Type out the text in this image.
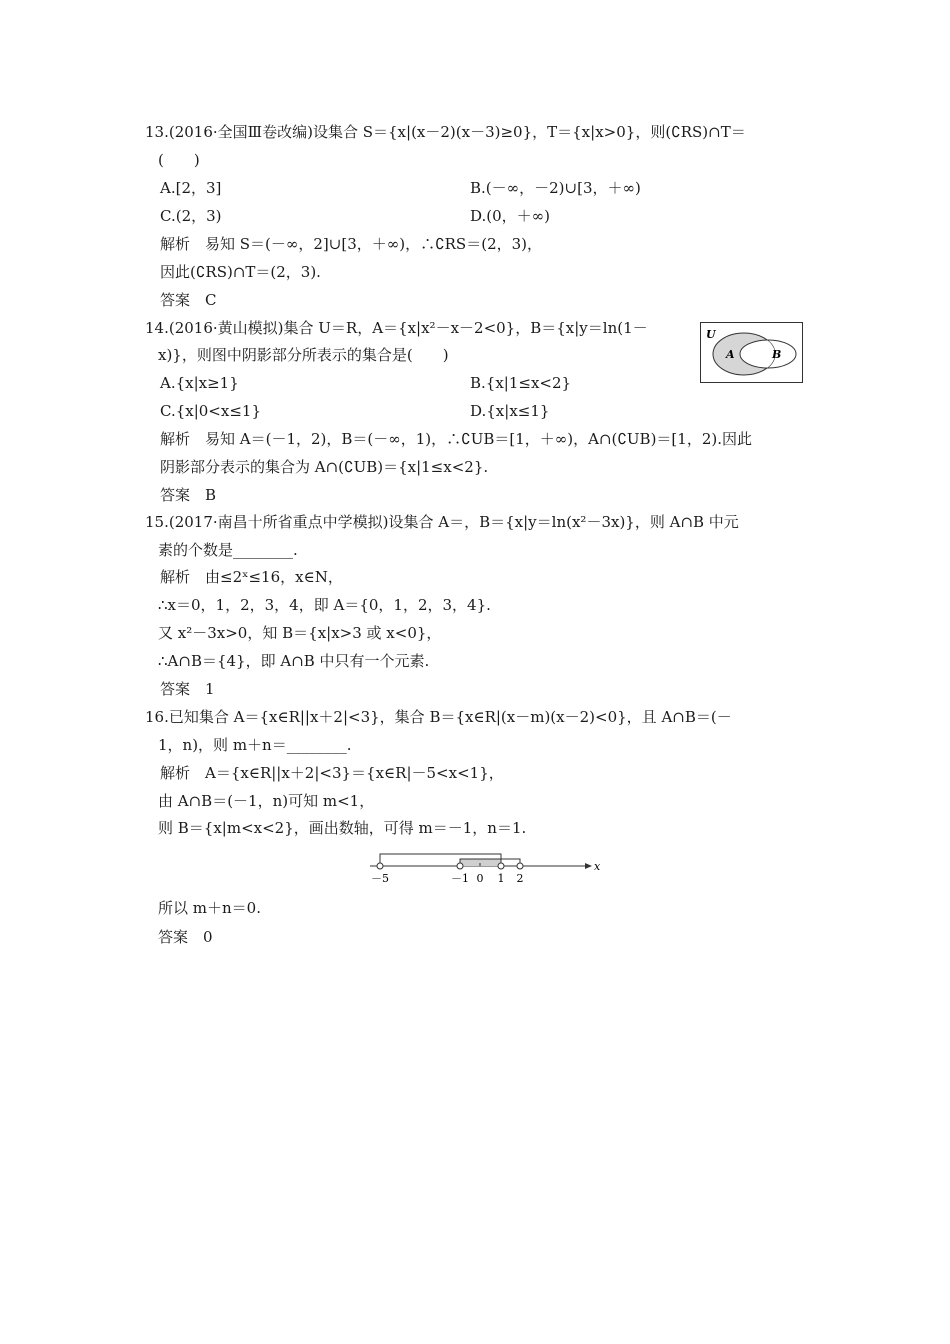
13.(2016·全国Ⅲ卷改编)设集合 S＝{x|(x－2)(x－3)≥0}，T＝{x|x>0}，则(∁RS)∩T＝
(　　)
A.[2，3]	B.(－∞，－2)∪[3，＋∞)
C.(2，3)	D.(0，＋∞)
解析　易知 S＝(－∞，2]∪[3，＋∞)，∴∁RS＝(2，3)，
因此(∁RS)∩T＝(2，3).
答案　C
14.(2016·黄山模拟)集合 U＝R，A＝{x|x²－x－2<0}，B＝{x|y＝ln(1－
x)}，则图中阴影部分所表示的集合是(　　)
A.{x|x≥1}	B.{x|1≤x<2}
C.{x|0<x≤1}	D.{x|x≤1}
解析　易知 A＝(－1，2)，B＝(－∞，1)，∴∁UB＝[1，＋∞)，A∩(∁UB)＝[1，2).因此
阴影部分表示的集合为 A∩(∁UB)＝{x|1≤x<2}.
答案　B
U
A	B
15.(2017·南昌十所省重点中学模拟)设集合 A＝，B＝{x|y＝ln(x²－3x)}，则 A∩B 中元
素的个数是________.
解析　由≤2ˣ≤16，x∈N，
∴x＝0，1，2，3，4，即 A＝{0，1，2，3，4}.
又 x²－3x>0，知 B＝{x|x>3 或 x<0}，
∴A∩B＝{4}，即 A∩B 中只有一个元素.
答案　1
16.已知集合 A＝{x∈R||x＋2|<3}，集合 B＝{x∈R|(x－m)(x－2)<0}，且 A∩B＝(－
1，n)，则 m＋n＝________.
解析　A＝{x∈R||x＋2|<3}＝{x∈R|－5<x<1}，
由 A∩B＝(－1，n)可知 m<1，
则 B＝{x|m<x<2}，画出数轴，可得 m＝－1，n＝1.
x
－5	－1 0 1 2
所以 m＋n＝0.
答案　0
